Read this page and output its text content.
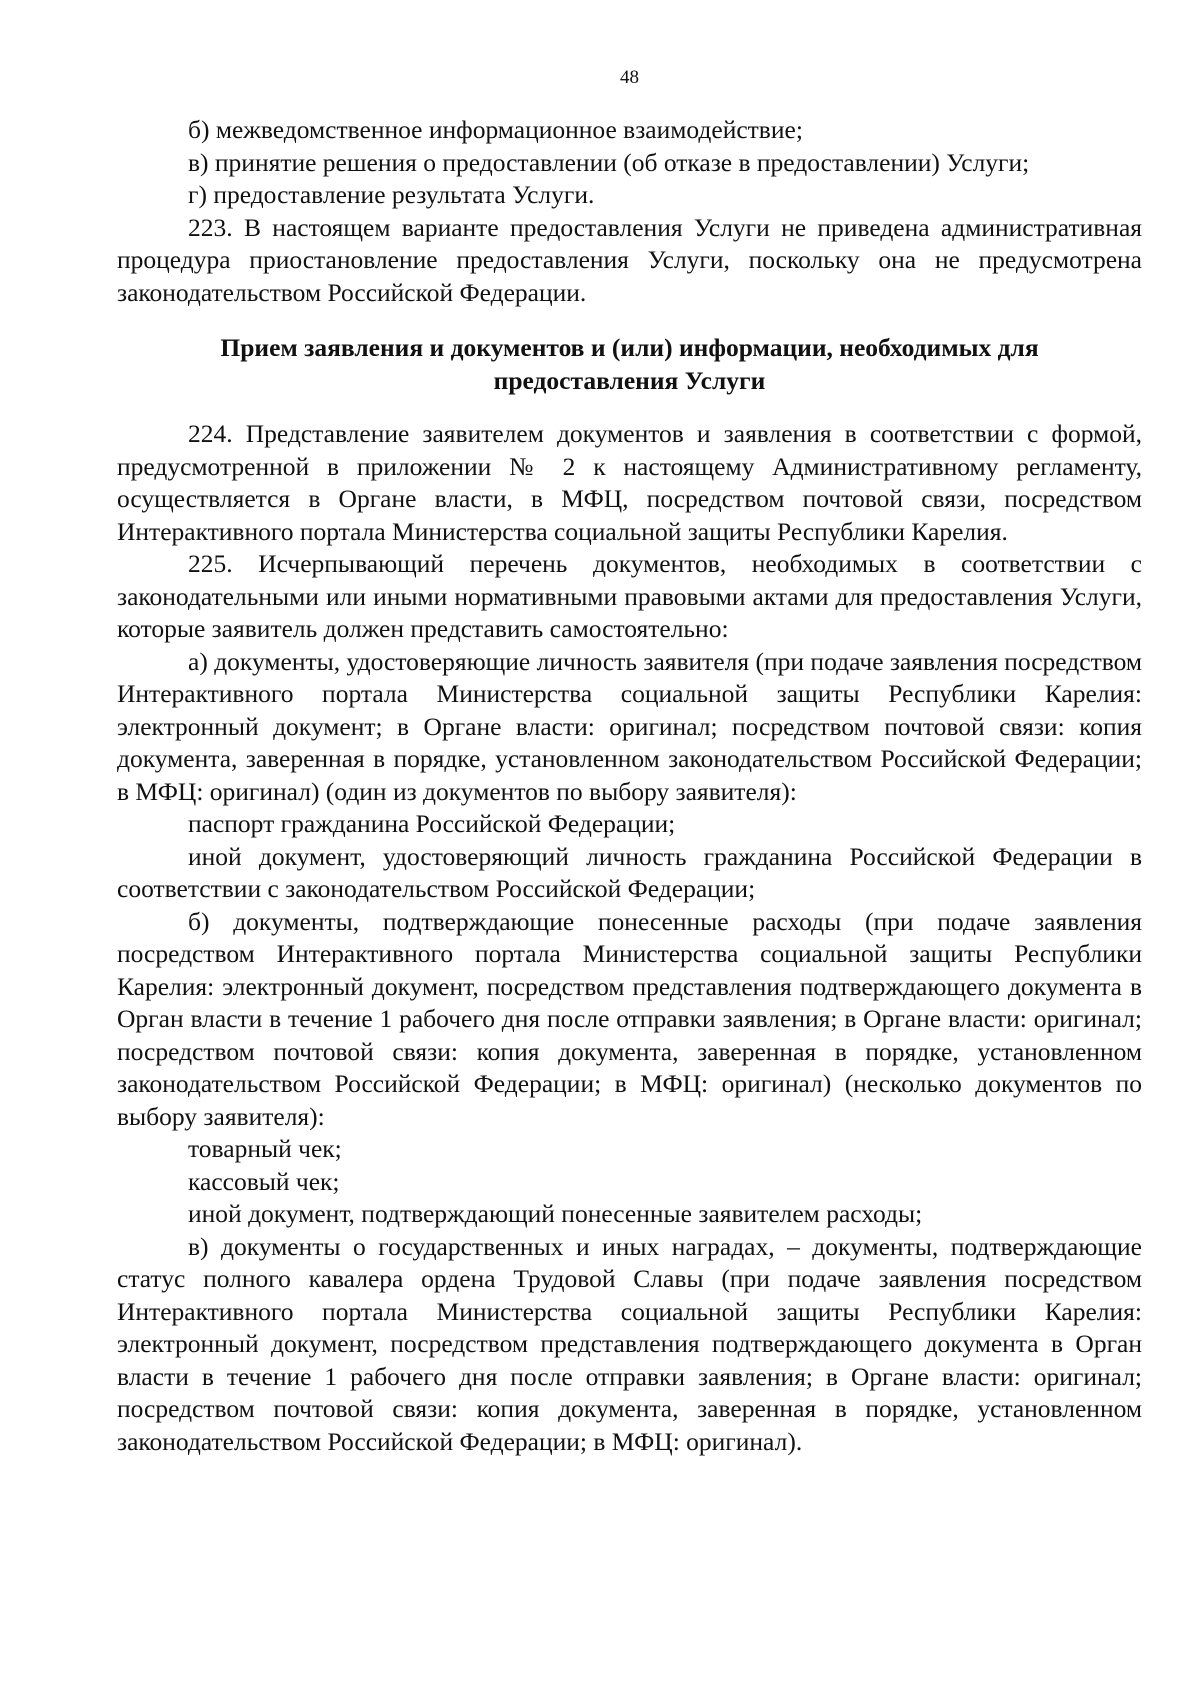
48

б) межведомственное информационное взаимодействие;

в) принятие решения о предоставлении (об отказе в предоставлении) Услуги;

г) предоставление результата Услуги.

223. В настоящем варианте предоставления Услуги не приведена административная процедура приостановление предоставления Услуги, поскольку она не предусмотрена законодательством Российской Федерации.

Прием заявления и документов и (или) информации, необходимых для
предоставления Услуги

224. Представление заявителем документов и заявления в соответствии с формой, предусмотренной в приложении № 2 к настоящему Административному регламенту, осуществляется в Органе власти, в МФЦ, посредством почтовой связи, посредством Интерактивного портала Министерства социальной защиты Республики Карелия.

225. Исчерпывающий перечень документов, необходимых в соответствии с законодательными или иными нормативными правовыми актами для предоставления Услуги, которые заявитель должен представить самостоятельно:

а) документы, удостоверяющие личность заявителя (при подаче заявления посредством Интерактивного портала Министерства социальной защиты Республики Карелия: электронный документ; в Органе власти: оригинал; посредством почтовой связи: копия документа, заверенная в порядке, установленном законодательством Российской Федерации; в МФЦ: оригинал) (один из документов по выбору заявителя):

паспорт гражданина Российской Федерации;

иной документ, удостоверяющий личность гражданина Российской Федерации в соответствии с законодательством Российской Федерации;

б) документы, подтверждающие понесенные расходы (при подаче заявления посредством Интерактивного портала Министерства социальной защиты Республики Карелия: электронный документ, посредством представления подтверждающего документа в Орган власти в течение 1 рабочего дня после отправки заявления; в Органе власти: оригинал; посредством почтовой связи: копия документа, заверенная в порядке, установленном законодательством Российской Федерации; в МФЦ: оригинал) (несколько документов по выбору заявителя):

товарный чек;

кассовый чек;

иной документ, подтверждающий понесенные заявителем расходы;

в) документы о государственных и иных наградах, – документы, подтверждающие статус полного кавалера ордена Трудовой Славы (при подаче заявления посредством Интерактивного портала Министерства социальной защиты Республики Карелия: электронный документ, посредством представления подтверждающего документа в Орган власти в течение 1 рабочего дня после отправки заявления; в Органе власти: оригинал; посредством почтовой связи: копия документа, заверенная в порядке, установленном законодательством Российской Федерации; в МФЦ: оригинал).
